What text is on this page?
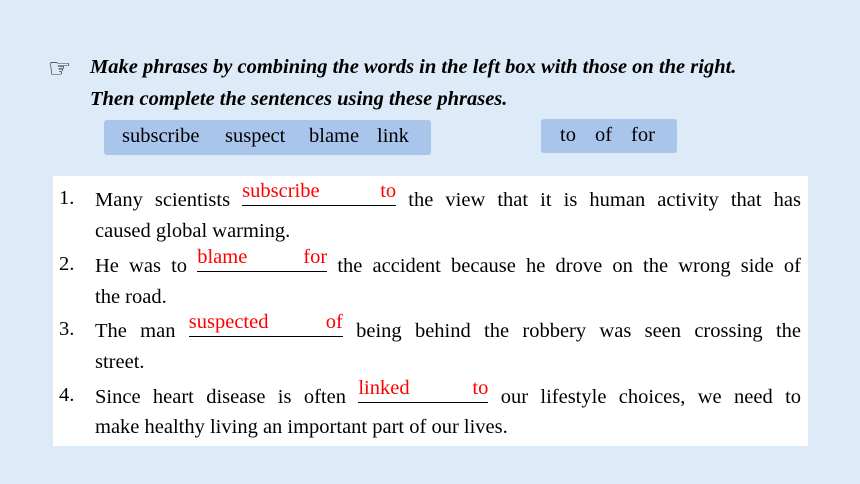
☞ Make phrases by combining the words in the left box with those on the right.
Then complete the sentences using these phrases.
subscribe suspect blame link	to of for
1. Many scientists subscribe to the view that it is human activity that has
caused global warming.
2. He was to blame for the accident because he drove on the wrong side of
the road.
3. The man suspected of being behind the robbery was seen crossing the
street.
4. Since heart disease is often linked to our lifestyle choices, we need to
make healthy living an important part of our lives.
